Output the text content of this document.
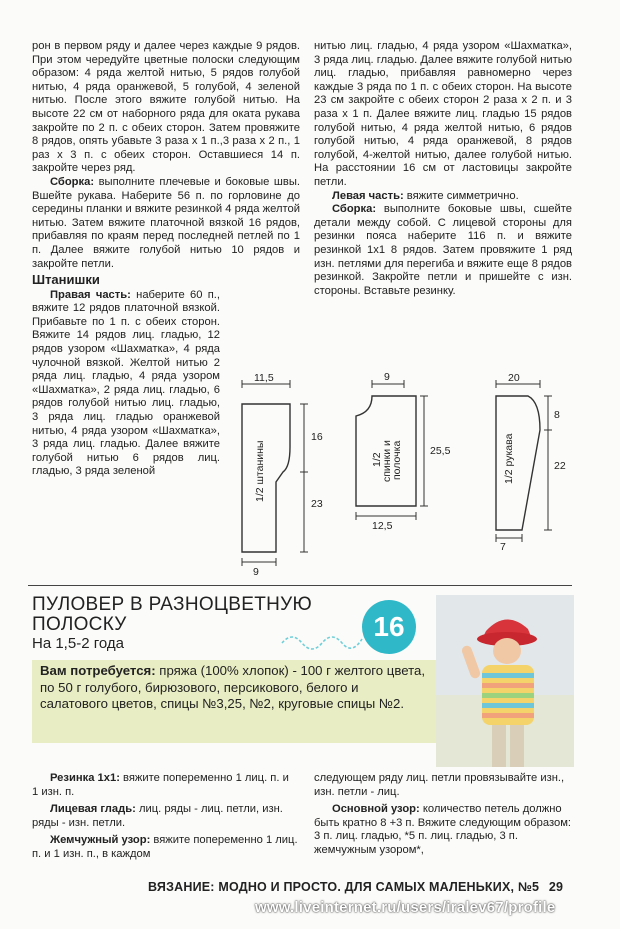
рон в первом ряду и далее через каждые 9 рядов. При этом чередуйте цветные полоски следующим образом: 4 ряда желтой нитью, 5 рядов голубой нитью, 4 ряда оранжевой, 5 голубой, 4 зеленой нитью. После этого вяжите голубой нитью. На высоте 22 см от наборного ряда для оката рукава закройте по 2 п. с обеих сторон. Затем провяжите 8 рядов, опять убавьте 3 раза х 1 п.,3 раза х 2 п., 1 раз х 3 п. с обеих сторон. Оставшиеся 14 п. закройте через ряд.

Сборка: выполните плечевые и боковые швы. Вшейте рукава. Наберите 56 п. по горловине до середины планки и вяжите резинкой 4 ряда желтой нитью. Затем вяжите платочной вязкой 16 рядов, прибавляя по краям перед последней петлей по 1 п. Далее вяжите голубой нитью 10 рядов и закройте петли.

Штанишки

Правая часть: наберите 60 п., вяжите 12 рядов платочной вязкой. Прибавьте по 1 п. с обеих сторон. Вяжите 14 рядов лиц. гладью, 12 рядов узором «Шахматка», 4 ряда чулочной вязкой. Желтой нитью 2 ряда лиц. гладью, 4 ряда узором «Шахматка», 2 ряда лиц. гладью, 6 рядов голубой нитью лиц. гладью, 3 ряда лиц. гладью оранжевой нитью, 4 ряда узором «Шахматка», 3 ряда лиц. гладью. Далее вяжите голубой нитью 6 рядов лиц. гладью, 3 ряда зеленой

нитью лиц. гладью, 4 ряда узором «Шахматка», 3 ряда лиц. гладью. Далее вяжите голубой нитью лиц. гладью, прибавляя равномерно через каждые 3 ряда по 1 п. с обеих сторон. На высоте 23 см закройте с обеих сторон 2 раза х 2 п. и 3 раза х 1 п. Далее вяжите лиц. гладью 15 рядов голубой нитью, 4 ряда желтой нитью, 6 рядов голубой нитью, 4 ряда оранжевой, 8 рядов голубой, 4-желтой нитью, далее голубой нитью. На расстоянии 16 см от ластовицы закройте петли.

Левая часть: вяжите симметрично.

Сборка: выполните боковые швы, сшейте детали между собой. С лицевой стороны для резинки пояса наберите 116 п. и вяжите резинкой 1х1 8 рядов. Затем провяжите 1 ряд изн. петлями для перегиба и вяжите еще 8 рядов резинкой. Закройте петли и пришейте с изн. стороны. Вставьте резинку.

11,5
16
23
9
1/2 штанины
9
25,5
12,5
1/2
спинки и
полочка
20
8
22
7
1/2 рукава
ПУЛОВЕР В РАЗНОЦВЕТНУЮ
ПОЛОСКУ
На 1,5-2 года
16
Вам потребуется: пряжа (100% хлопок) - 100 г желтого цвета, по 50 г голубого, бирюзового, персикового, белого и салатового цветов, спицы №3,25, №2, круговые спицы №2.

Резинка 1х1: вяжите попеременно 1 лиц. п. и 1 изн. п.

Лицевая гладь: лиц. ряды - лиц. петли, изн. ряды - изн. петли.

Жемчужный узор: вяжите попеременно 1 лиц. п. и 1 изн. п., в каждом

следующем ряду лиц. петли провязывайте изн., изн. петли - лиц.

Основной узор: количество петель должно быть кратно 8 +3 п. Вяжите следующим образом: 3 п. лиц. гладью, *5 п. лиц. гладью, 3 п. жемчужным узором*,

ВЯЗАНИЕ: МОДНО И ПРОСТО. ДЛЯ САМЫХ МАЛЕНЬКИХ, №5 29
www.liveinternet.ru/users/iralev67/profile
